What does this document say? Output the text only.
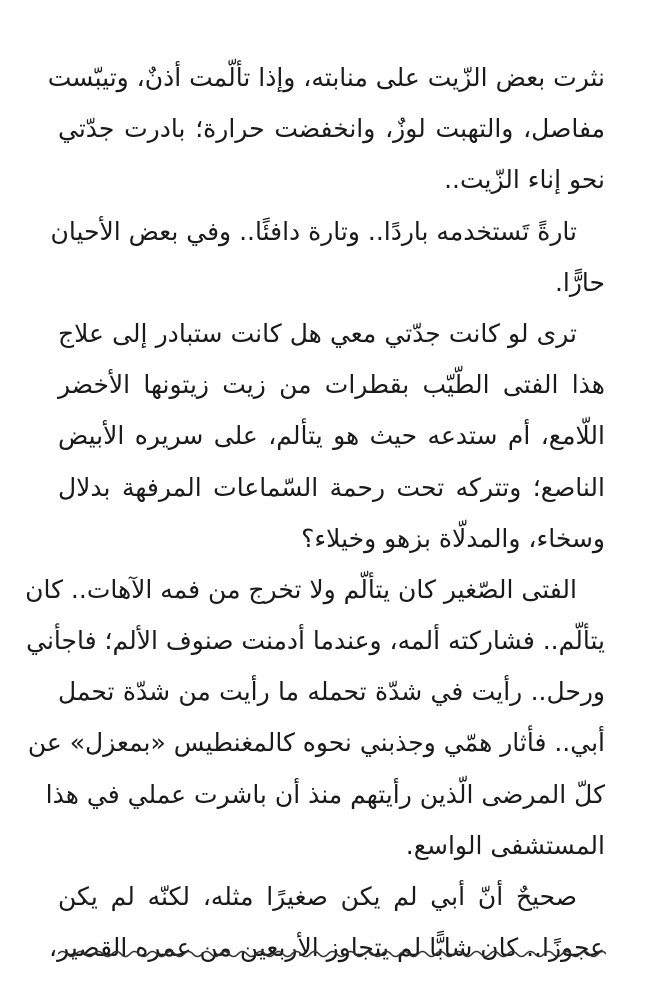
نثرت بعض الزّيت على منابته، وإذا تألّمت أذنٌ، وتيبّست
مفاصل، والتهبت لوزٌ، وانخفضت حرارة؛ بادرت جدّتي
نحو إناء الزّيت..
تارةً تَستخدمه باردًا.. وتارة دافئًا.. وفي بعض الأحيان
حارًّا.
ترى لو كانت جدّتي معي هل كانت ستبادر إلى علاج
هذا الفتى الطّيّب بقطرات من زيت زيتونها الأخضر
اللّامع، أم ستدعه حيث هو يتألم، على سريره الأبيض
الناصع؛ وتتركه تحت رحمة السّماعات المرفهة بدلال
وسخاء، والمدلّاة بزهو وخيلاء؟
الفتى الصّغير كان يتألّم ولا تخرج من فمه الآهات.. كان
يتألّم.. فشاركته ألمه، وعندما أدمنت صنوف الألم؛ فاجأني
ورحل.. رأيت في شدّة تحمله ما رأيت من شدّة تحمل
أبي.. فأثار همّي وجذبني نحوه كالمغنطيس «بمعزل» عن
كلّ المرضى الّذين رأيتهم منذ أن باشرت عملي في هذا
المستشفى الواسع.
صحيحٌ أنّ أبي لم يكن صغيرًا مثله، لكنّه لم يكن
عجوزًا.. كان شابًّا لم يتجاوز الأربعين من عمره القصير،
